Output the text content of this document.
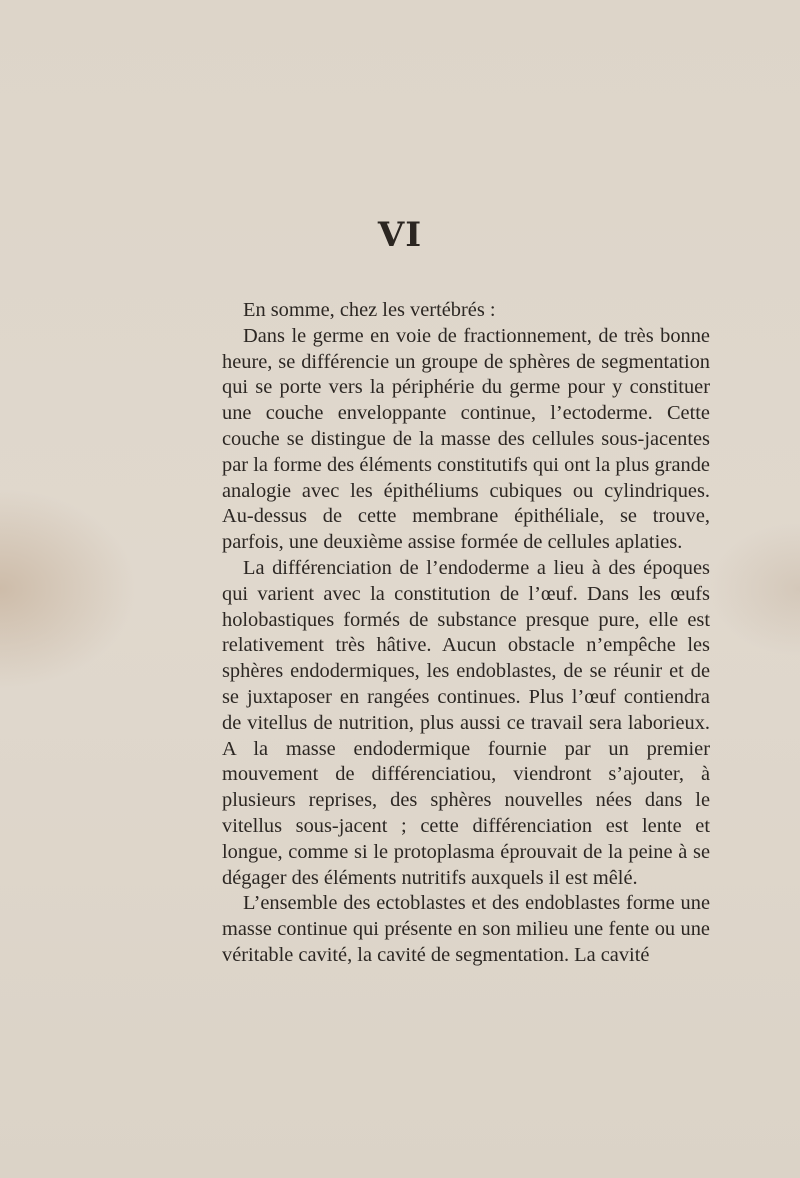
VI

En somme, chez les vertébrés :

Dans le germe en voie de fractionnement, de très bonne heure, se différencie un groupe de sphères de segmentation qui se porte vers la périphérie du germe pour y constituer une couche enveloppante continue, l’ectoderme. Cette couche se distingue de la masse des cellules sous-jacentes par la forme des éléments constitutifs qui ont la plus grande analogie avec les épithéliums cubiques ou cylindriques. Au-dessus de cette membrane épithéliale, se trouve, parfois, une deuxième assise formée de cellules aplaties.

La différenciation de l’endoderme a lieu à des époques qui varient avec la constitution de l’œuf. Dans les œufs holobastiques formés de substance presque pure, elle est relativement très hâtive. Aucun obstacle n’empêche les sphères endodermiques, les endoblastes, de se réunir et de se juxtaposer en rangées continues. Plus l’œuf contiendra de vitellus de nutrition, plus aussi ce travail sera laborieux. A la masse endodermique fournie par un premier mouvement de différenciatiou, viendront s’ajouter, à plusieurs reprises, des sphères nouvelles nées dans le vitellus sous-jacent ; cette différenciation est lente et longue, comme si le protoplasma éprouvait de la peine à se dégager des éléments nutritifs auxquels il est mêlé.

L’ensemble des ectoblastes et des endoblastes forme une masse continue qui présente en son milieu une fente ou une véritable cavité, la cavité de segmentation. La cavité
